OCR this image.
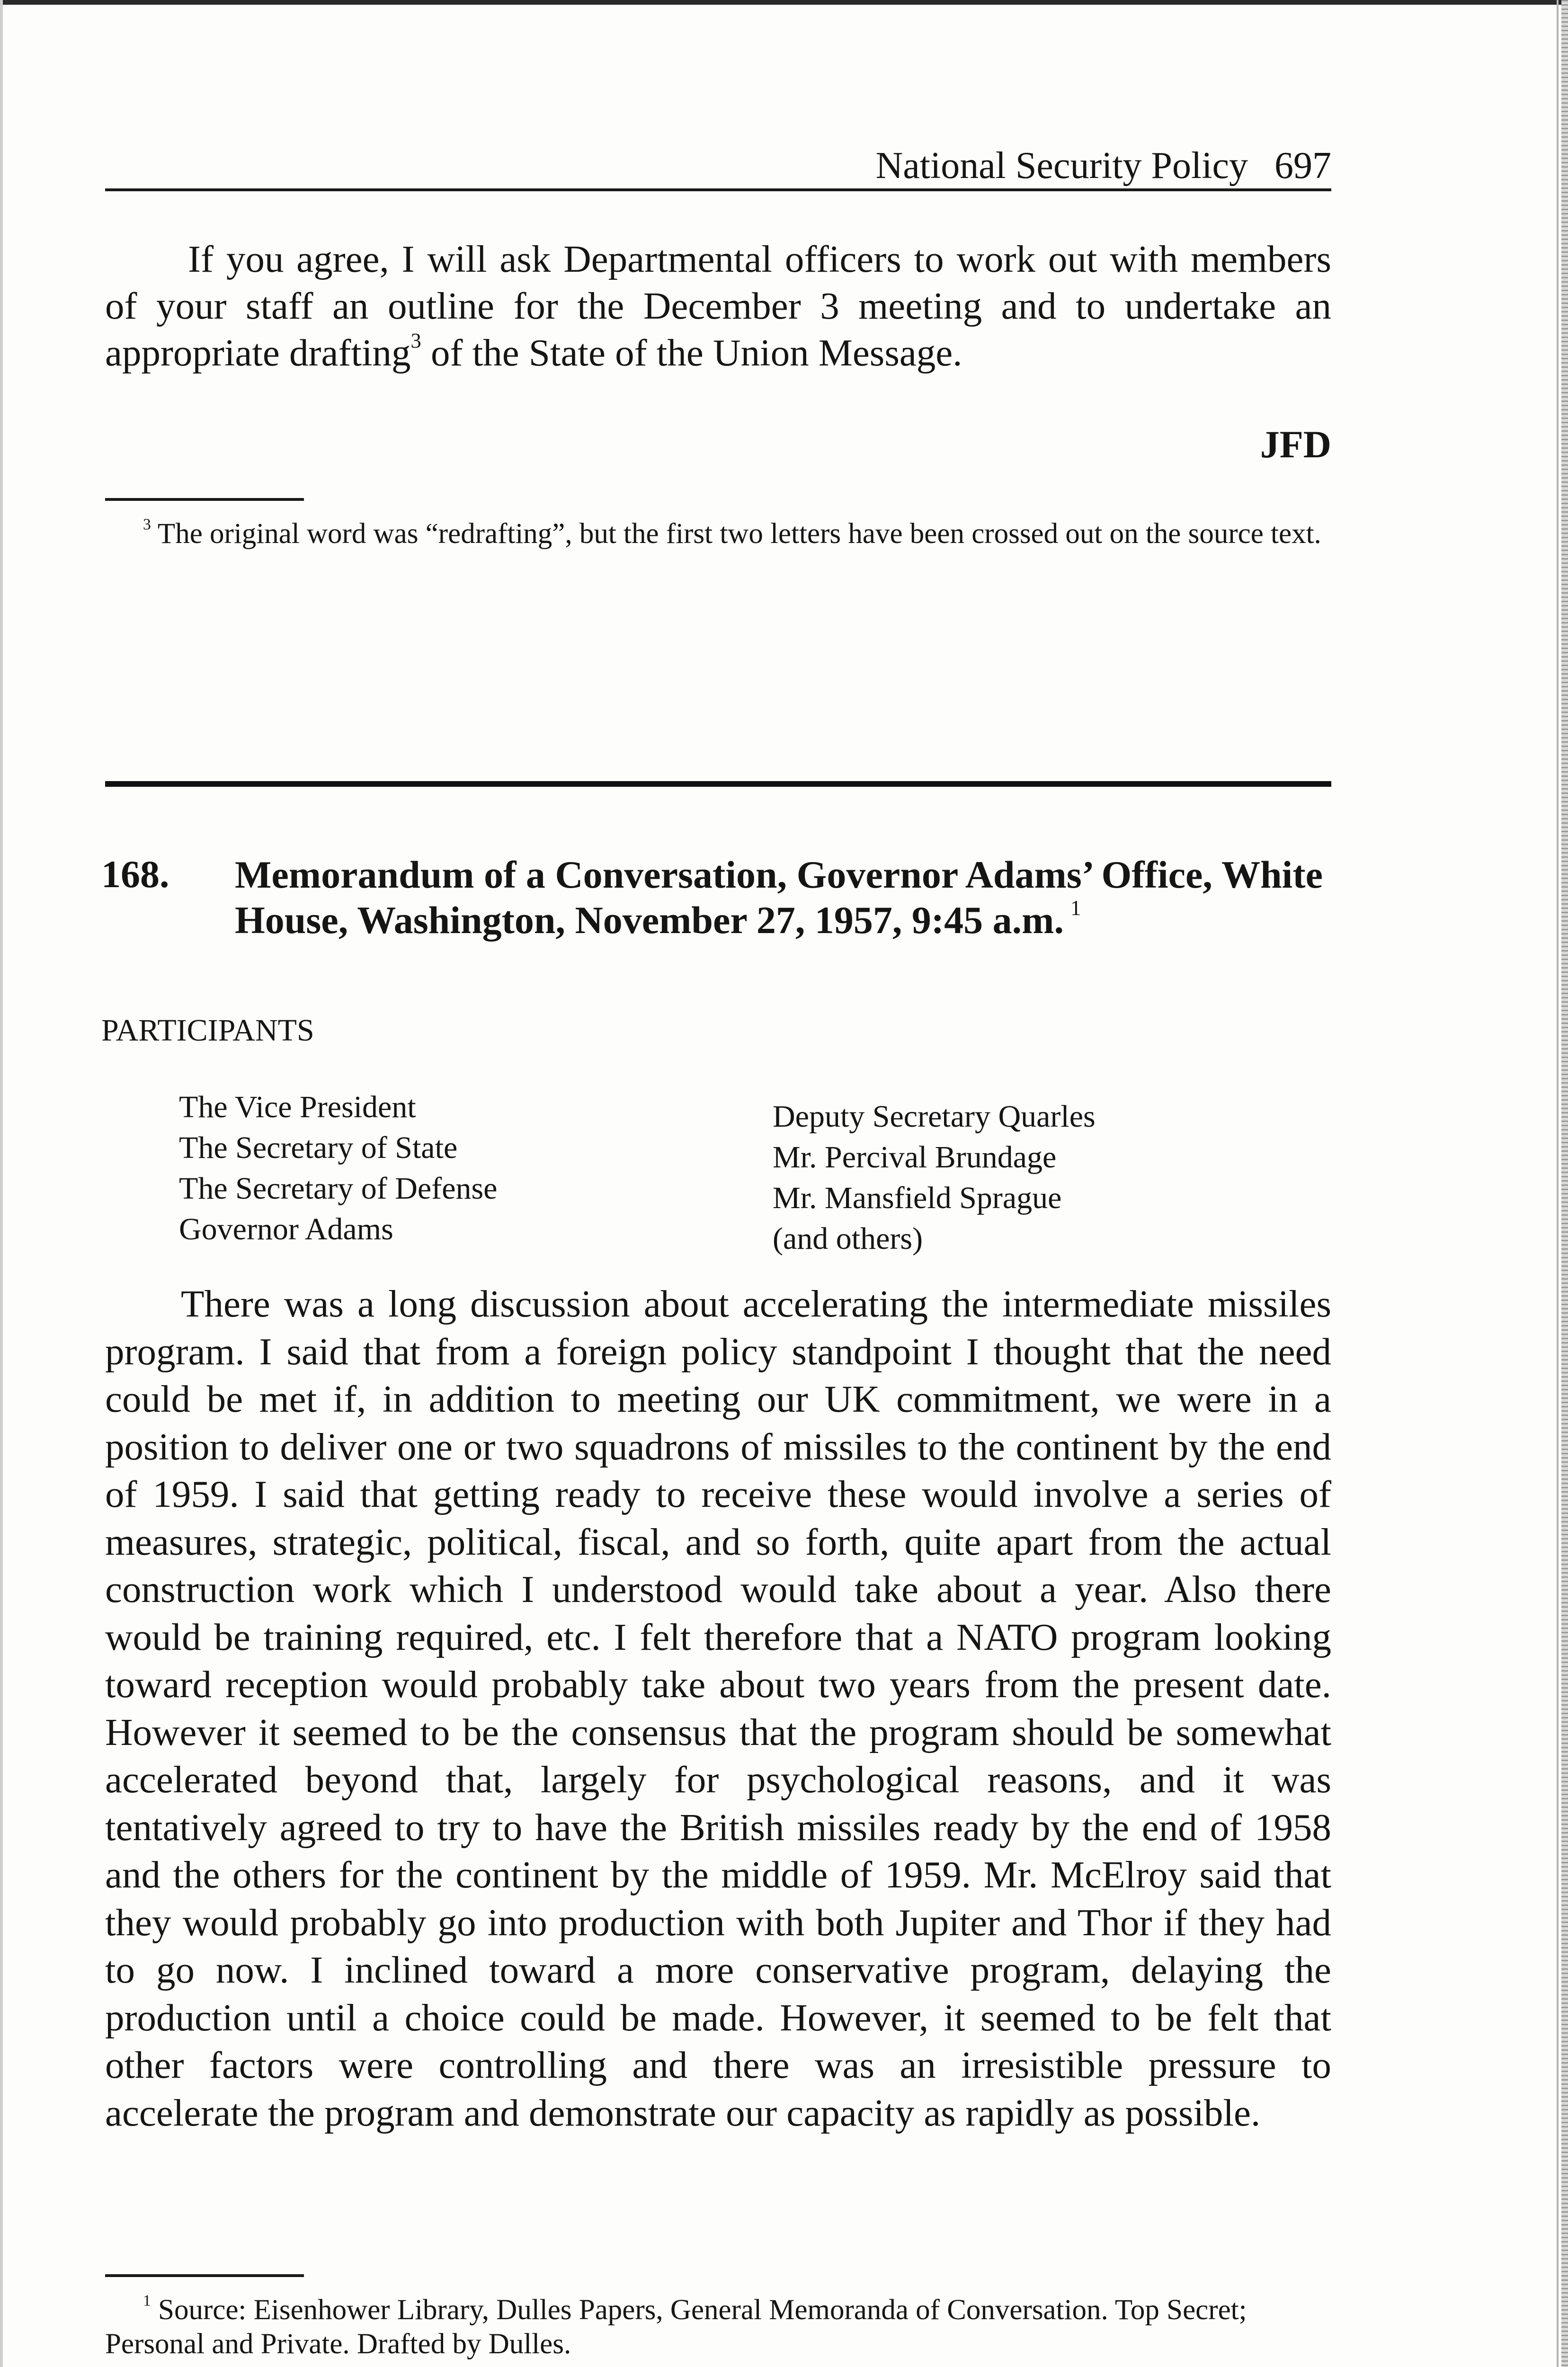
National Security Policy 697

If you agree, I will ask Departmental officers to work out with members of your staff an outline for the December 3 meeting and to undertake an appropriate drafting$^3$ of the State of the Union Message.

JFD

$^3$ The original word was “redrafting”, but the first two letters have been crossed out on the source text.

168. Memorandum of a Conversation, Governor Adams’ Office, White House, Washington, November 27, 1957, 9:45 a.m. $^1$
PARTICIPANTS
The Vice President
The Secretary of State
The Secretary of Defense
Governor Adams
Deputy Secretary Quarles
Mr. Percival Brundage
Mr. Mansfield Sprague
(and others)

There was a long discussion about accelerating the intermediate missiles program. I said that from a foreign policy standpoint I thought that the need could be met if, in addition to meeting our UK commitment, we were in a position to deliver one or two squadrons of missiles to the continent by the end of 1959. I said that getting ready to receive these would involve a series of measures, strategic, political, fiscal, and so forth, quite apart from the actual construction work which I understood would take about a year. Also there would be training required, etc. I felt therefore that a NATO program looking toward reception would probably take about two years from the present date. However it seemed to be the consensus that the program should be somewhat accelerated beyond that, largely for psychological reasons, and it was tentatively agreed to try to have the British missiles ready by the end of 1958 and the others for the continent by the middle of 1959. Mr. McElroy said that they would probably go into production with both Jupiter and Thor if they had to go now. I inclined toward a more conservative program, delaying the production until a choice could be made. However, it seemed to be felt that other factors were controlling and there was an irresistible pressure to accelerate the program and demonstrate our capacity as rapidly as possible.

$^1$ Source: Eisenhower Library, Dulles Papers, General Memoranda of Conversation. Top Secret; Personal and Private. Drafted by Dulles.
